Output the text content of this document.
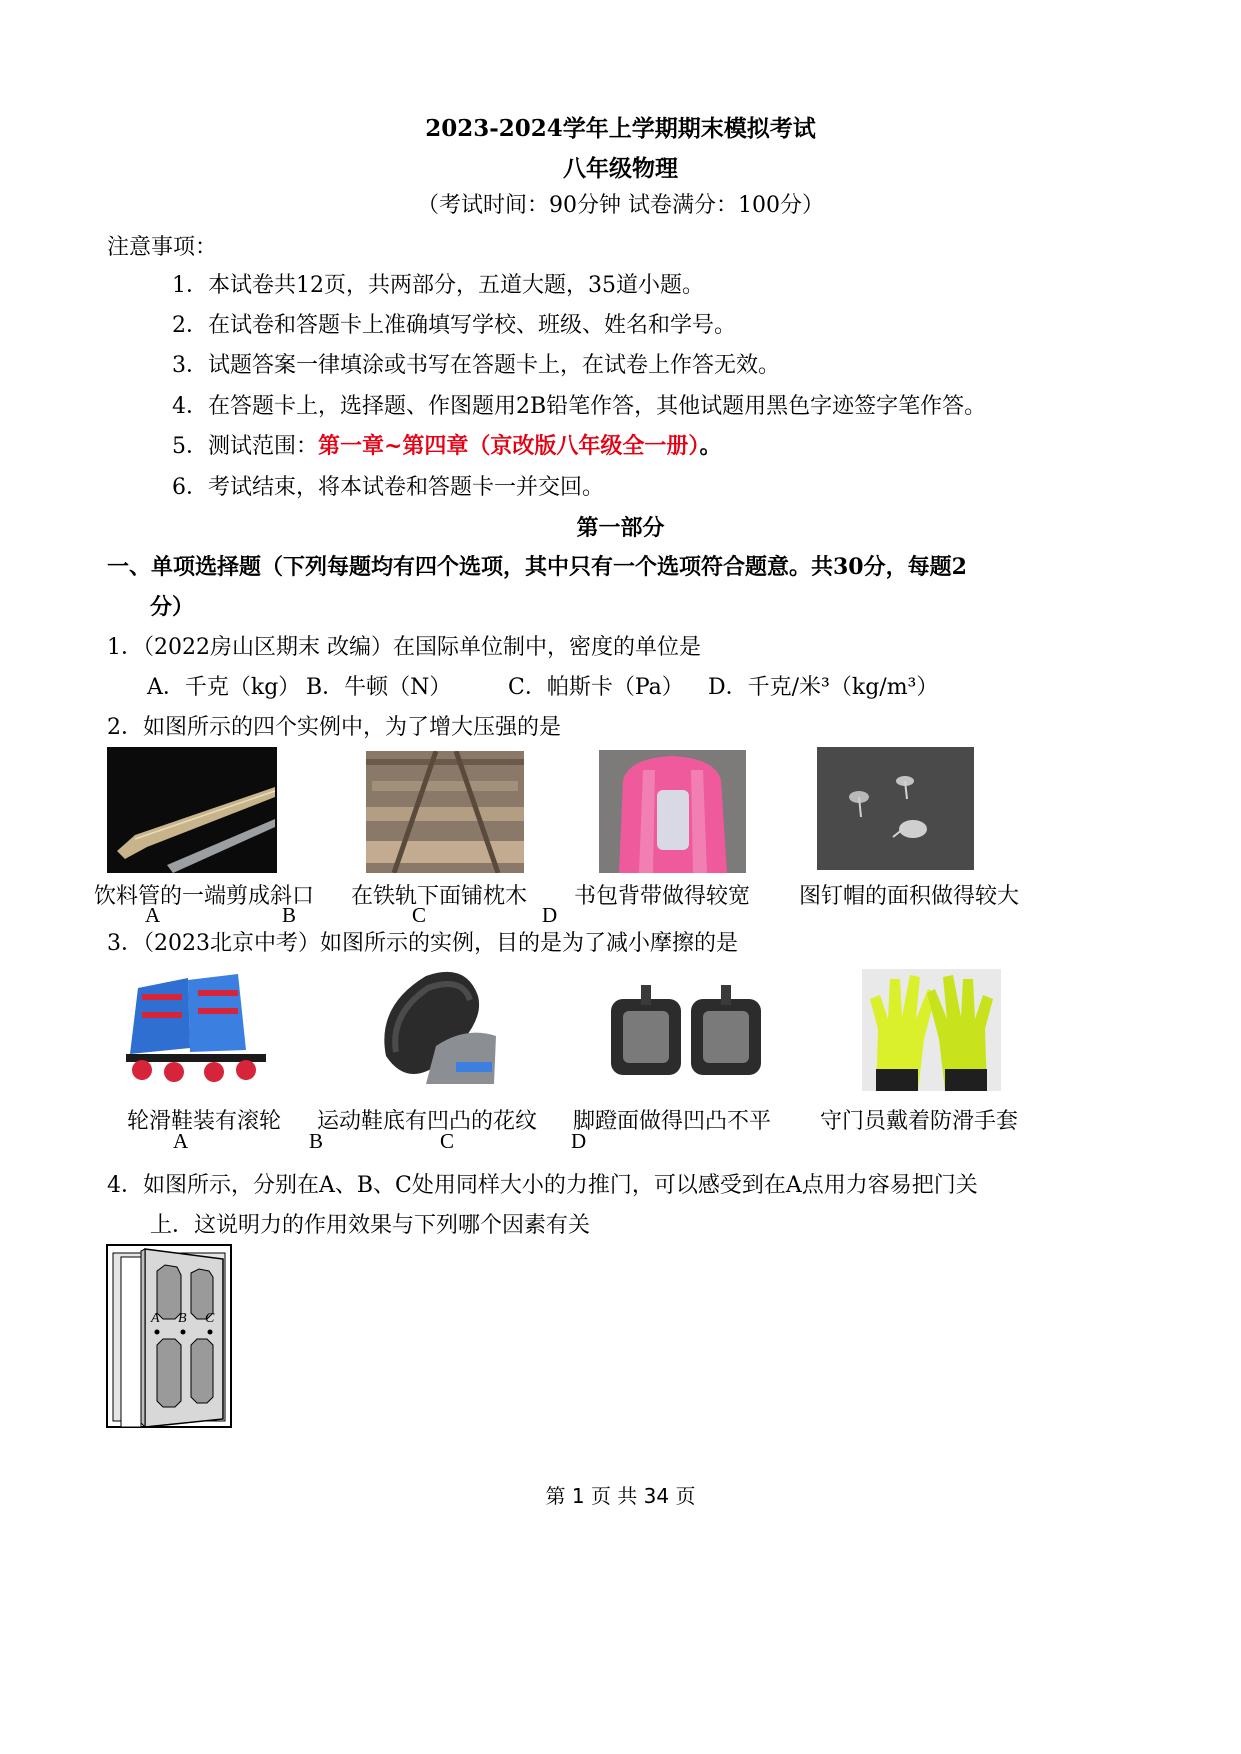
2023-2024学年上学期期末模拟考试
八年级物理
（考试时间：90分钟 试卷满分：100分）
注意事项：
1．本试卷共12页，共两部分，五道大题，35道小题。
2．在试卷和答题卡上准确填写学校、班级、姓名和学号。
3．试题答案一律填涂或书写在答题卡上，在试卷上作答无效。
4．在答题卡上，选择题、作图题用2B铅笔作答，其他试题用黑色字迹签字笔作答。
5．测试范围：第一章~第四章（京改版八年级全一册）。
6．考试结束，将本试卷和答题卡一并交回。
第一部分
一、单项选择题（下列每题均有四个选项，其中只有一个选项符合题意。共30分，每题2
分）
1．（2022房山区期末 改编）在国际单位制中，密度的单位是
A．千克（kg） B．牛顿（N）	C．帕斯卡（Pa） D．千克/米³（kg/m³）
2．如图所示的四个实例中，为了增大压强的是
饮料管的一端剪成斜口 在铁轨下面铺枕木 书包背带做得较宽 图钉帽的面积做得较大
A	B	C	D
3．（2023北京中考）如图所示的实例，目的是为了减小摩擦的是
轮滑鞋装有滚轮 运动鞋底有凹凸的花纹 脚蹬面做得凹凸不平 守门员戴着防滑手套
A	B	C	D
4．如图所示，分别在A、B、C处用同样大小的力推门，可以感受到在A点用力容易把门关
上．这说明力的作用效果与下列哪个因素有关
A B C
第 1 页 共 34 页
